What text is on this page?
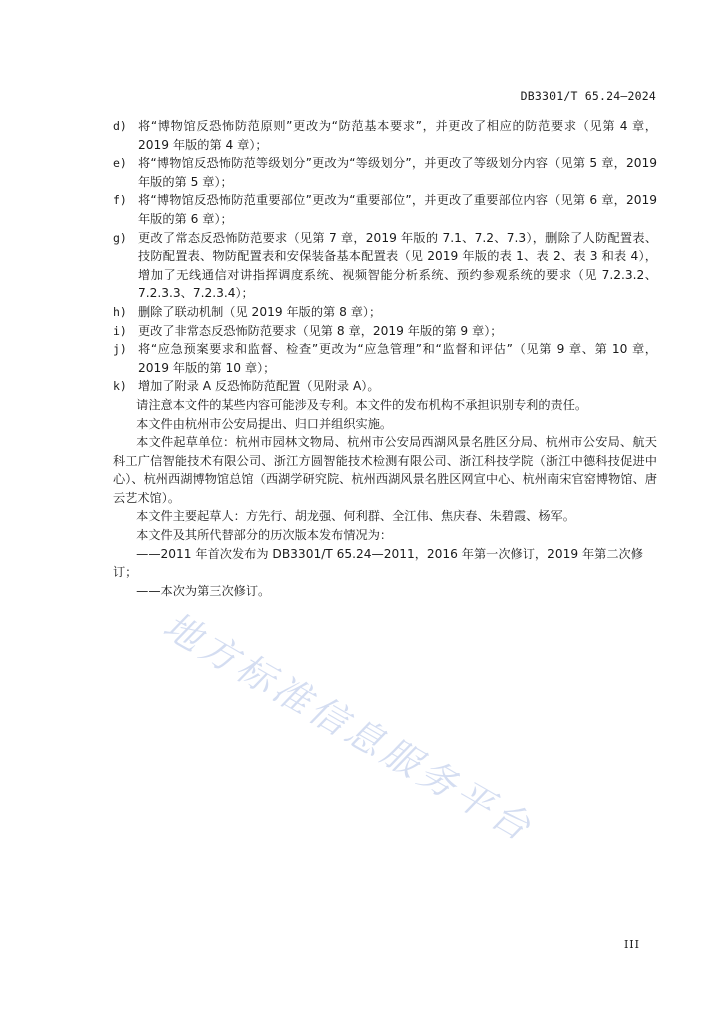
DB3301/T 65.24—2024
d) 将“博物馆反恐怖防范原则”更改为“防范基本要求”，并更改了相应的防范要求（见第 4 章，2019 年版的第 4 章）；
e) 将“博物馆反恐怖防范等级划分”更改为“等级划分”，并更改了等级划分内容（见第 5 章，2019 年版的第 5 章）；
f) 将“博物馆反恐怖防范重要部位”更改为“重要部位”，并更改了重要部位内容（见第 6 章，2019 年版的第 6 章）；
g) 更改了常态反恐怖防范要求（见第 7 章，2019 年版的 7.1、7.2、7.3），删除了人防配置表、技防配置表、物防配置表和安保装备基本配置表（见 2019 年版的表 1、表 2、表 3 和表 4），增加了无线通信对讲指挥调度系统、视频智能分析系统、预约参观系统的要求（见 7.2.3.2、7.2.3.3、7.2.3.4）；
h) 删除了联动机制（见 2019 年版的第 8 章）；
i) 更改了非常态反恐怖防范要求（见第 8 章，2019 年版的第 9 章）；
j) 将“应急预案要求和监督、检查”更改为“应急管理”和“监督和评估”（见第 9 章、第 10 章，2019 年版的第 10 章）；
k) 增加了附录 A 反恐怖防范配置（见附录 A）。
请注意本文件的某些内容可能涉及专利。本文件的发布机构不承担识别专利的责任。
本文件由杭州市公安局提出、归口并组织实施。
本文件起草单位：杭州市园林文物局、杭州市公安局西湖风景名胜区分局、杭州市公安局、航天科工广信智能技术有限公司、浙江方圆智能技术检测有限公司、浙江科技学院（浙江中德科技促进中心）、杭州西湖博物馆总馆（西湖学研究院、杭州西湖风景名胜区网宣中心、杭州南宋官窑博物馆、唐云艺术馆）。
本文件主要起草人：方先行、胡龙强、何利群、全江伟、焦庆春、朱碧霞、杨军。
本文件及其所代替部分的历次版本发布情况为：
——2011 年首次发布为 DB3301/T 65.24—2011，2016 年第一次修订，2019 年第二次修订；
——本次为第三次修订。
地方标准信息服务平台
III
